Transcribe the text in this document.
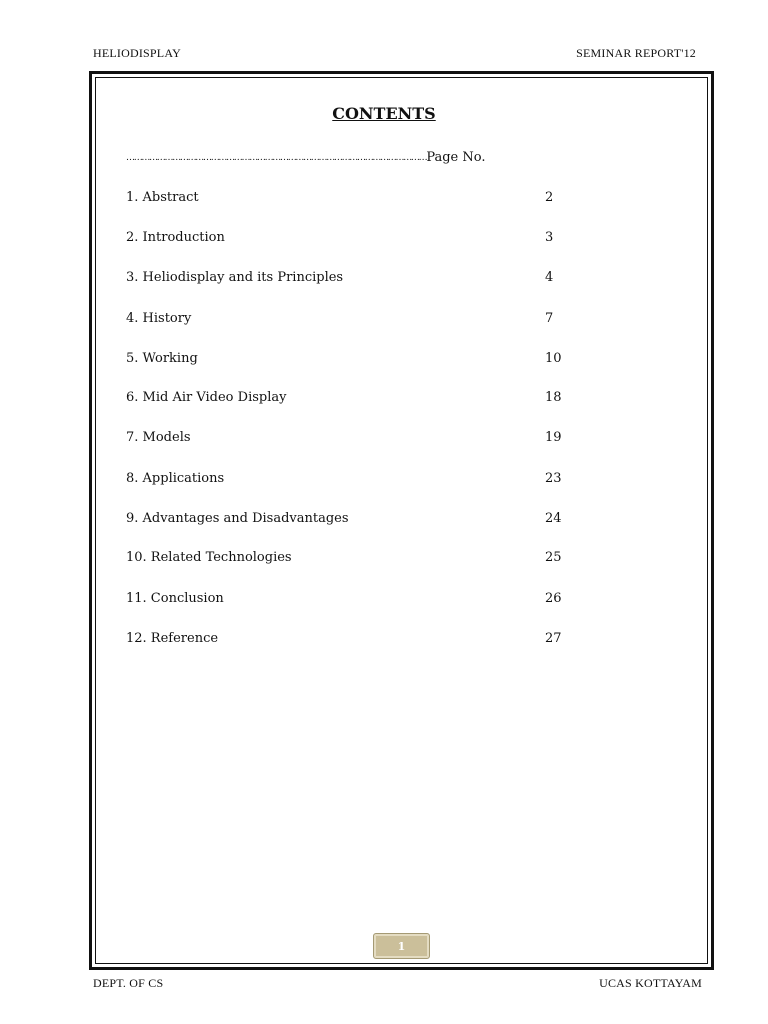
HELIODISPLAY	SEMINAR REPORT'12
CONTENTS
………………………………………………………………………………………………………Page No.
1. Abstract	2
2. Introduction	3
3. Heliodisplay and its Principles	4
4. History	7
5. Working	10
6. Mid Air Video Display	18
7. Models	19
8. Applications	23
9. Advantages and Disadvantages	24
10. Related Technologies	25
11. Conclusion	26
12. Reference	27
1
DEPT. OF CS	UCAS KOTTAYAM
